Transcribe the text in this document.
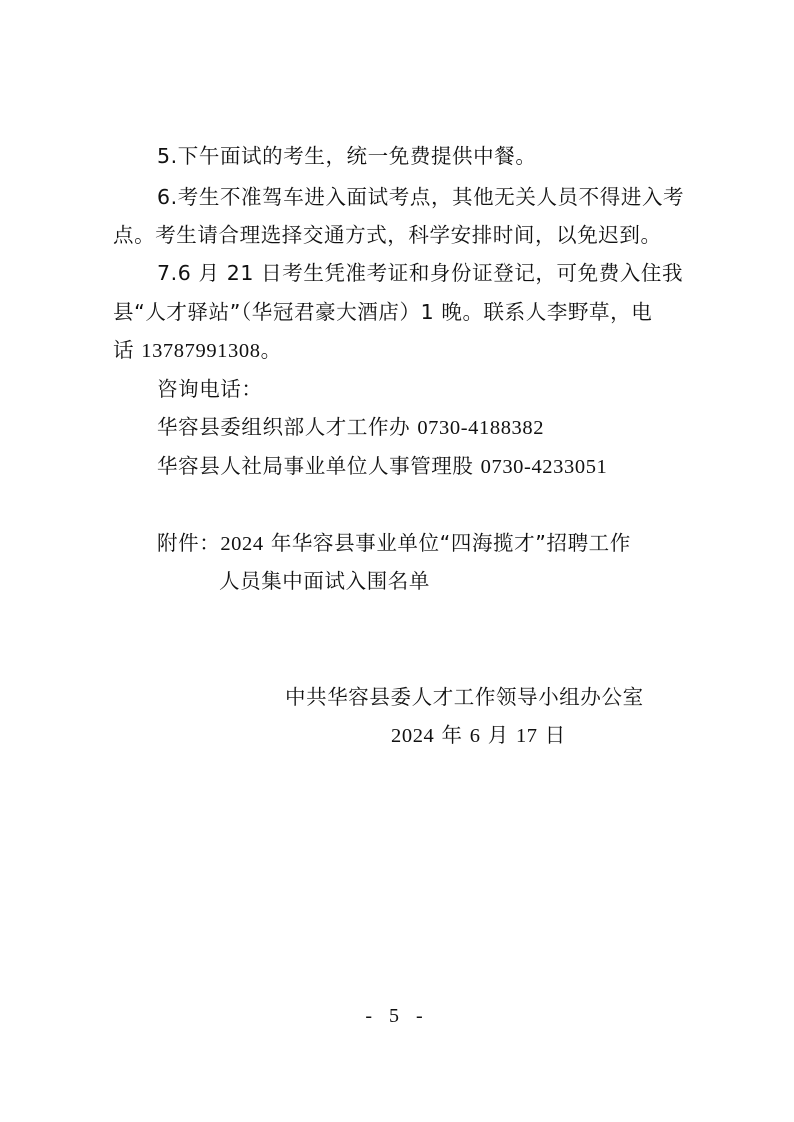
5.下午面试的考生，统一免费提供中餐。
6.考生不准驾车进入面试考点，其他无关人员不得进入考
点。考生请合理选择交通方式，科学安排时间，以免迟到。
7.6 月 21 日考生凭准考证和身份证登记，可免费入住我
县“人才驿站”（华冠君豪大酒店）1 晚。联系人李野草，电
话 13787991308。
咨询电话：
华容县委组织部人才工作办 0730-4188382
华容县人社局事业单位人事管理股 0730-4233051
附件：2024 年华容县事业单位“四海揽才”招聘工作
人员集中面试入围名单
中共华容县委人才工作领导小组办公室
2024 年 6 月 17 日
- 5 -
